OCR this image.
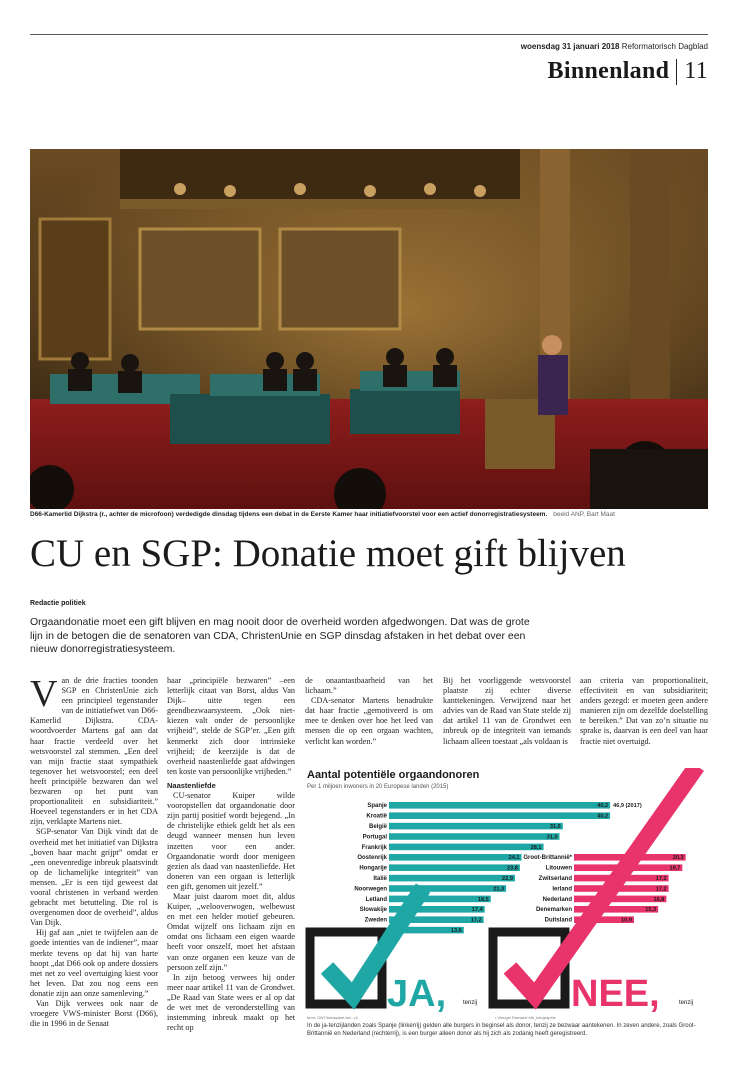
woensdag 31 januari 2018 Reformatorisch Dagblad
Binnenland 11
D66-Kamerlid Dijkstra (r., achter de microfoon) verdedigde dinsdag tijdens een debat in de Eerste Kamer haar initiatiefvoorstel voor een actief donorregistratiesysteem. beeld ANP, Bart Maat
CU en SGP: Donatie moet gift blijven
Redactie politiek
Orgaandonatie moet een gift blijven en mag nooit door de overheid worden afgedwongen. Dat was de grote lijn in de betogen die de senatoren van CDA, ChristenUnie en SGP dinsdag afstaken in het debat over een nieuw donorregistratiesysteem.

Van de drie fracties toonden SGP en ChristenUnie zich een principieel tegenstander van de initiatiefwet van D66-Kamerlid Dijkstra. CDA-woordvoerder Martens gaf aan dat haar fractie verdeeld over het wetsvoorstel zal stemmen. „Een deel van mijn fractie staat sympathiek tegenover het wetsvoorstel; een deel heeft principiële bezwaren dan wel bezwaren op het punt van proportionaliteit en subsidiariteit.” Hoeveel tegenstanders er in het CDA zijn, verklapte Martens niet.

SGP-senator Van Dijk vindt dat de overheid met het initiatief van Dijkstra „boven haar macht grijpt” omdat er „een onevenredige inbreuk plaatsvindt op de lichamelijke integriteit” van mensen. „Er is een tijd geweest dat vooral christenen in verband werden gebracht met betutteling. Die rol is overgenomen door de overheid”, aldus Van Dijk.

Hij gaf aan „niet te twijfelen aan de goede intenties van de indiener”, maar merkte tevens op dat hij van harte hoopt „dat D66 ook op andere dossiers met net zo veel overtuiging kiest voor het leven. Dat zou nog eens een donatie zijn aan onze samenleving.”

Van Dijk verwees ook naar de vroegere VWS-minister Borst (D66), die in 1996 in de Senaat

haar „principiële bezwaren” –een letterlijk citaat van Borst, aldus Van Dijk– uitte tegen een geendbezwaarsysteem. „Ook niet-kiezen valt onder de persoonlijke vrijheid”, stelde de SGP’er. „Een gift kenmerkt zich door intrinsieke vrijheid; de keerzijde is dat de overheid naastenliefde gaat afdwingen ten koste van persoonlijke vrijheden.”

Naastenliefde

CU-senator Kuiper wilde vooropstellen dat orgaandonatie door zijn partij positief wordt bejegend. „In de christelijke ethiek geldt het als een deugd wanneer mensen hun leven inzetten voor een ander. Orgaandonatie wordt door menigeen gezien als daad van naastenliefde. Het doneren van een orgaan is letterlijk een gift, genomen uit jezelf.”

Maar juist daarom moet dit, aldus Kuiper, „welooverwogen, welbewust en met een helder motief gebeuren. Omdat wijzelf ons lichaam zijn en omdat ons lichaam een eigen waarde heeft voor onszelf, moet het afstaan van onze organen een keuze van de persoon zelf zijn.”

In zijn betoog verwees hij onder meer naar artikel 11 van de Grondwet. „De Raad van State wees er al op dat de wet met de veronderstelling van instemming inbreuk maakt op het recht op

de onaantastbaarheid van het lichaam.”

CDA-senator Martens benadrukte dat haar fractie „gemotiveerd is om mee te denken over hoe het leed van mensen die op een orgaan wachten, verlicht kan worden.”

Bij het voorliggende wetsvoorstel plaatste zij echter diverse kanttekeningen. Verwijzend naar het advies van de Raad van State stelde zij dat artikel 11 van de Grondwet een inbreuk op de integriteit van iemands lichaam alleen toestaat „als voldaan is

aan criteria van proportionaliteit, effectiviteit en van subsidiariteit; anders gezegd: er moeten geen andere manieren zijn om dezelfde doelstelling te bereiken.” Dat van zo’n situatie nu sprake is, daarvan is een deel van haar fractie niet overtuigd.

Aantal potentiële orgaandonoren
Per 1 miljoen inwoners in 20 Europese landen (2015)
Spanje	40,2
Kroatië	40,2
België	31,6
Portugal	31,0
Frankrijk	28,1
Oostenrijk	24,1
Hongarije	23,8
Italië	22,9
Noorwegen	21,3
Letland	18,5
Slowakije	17,4
Zweden	17,2
Polen	13,6
46,9 (2017)
Groot-Brittannië*	20,3
Litouwen	19,7
Zwitserland	17,2
Ierland	17,2
Nederland	16,8
Denemarken	15,3
Duitsland	10,9
JA,	tenzij NEE,	tenzij
bron: ONT/transplant.be/...nl	• Vleugel Ramaert /dh_infographic
In de ja-tenzijlanden zoals Spanje (linkerrij) gelden alle burgers in beginsel als donor, tenzij ze bezwaar aantekenen. In zeven andere, zoals Groot-Brittannië en Nederland (rechterrij), is een burger alleen donor als hij zich als zodanig heeft geregistreerd.
